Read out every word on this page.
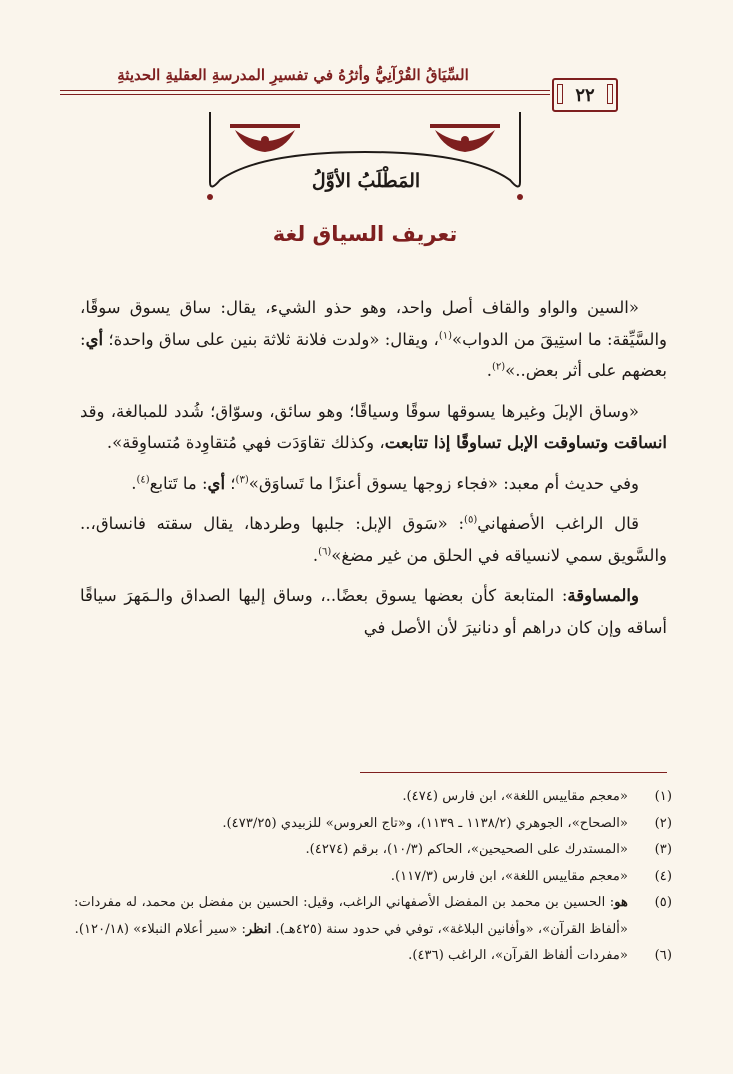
السِّيَاقُ القُرْآنِيُّ وأثرُهُ في تفسيرِ المدرسةِ العقليةِ الحديثةِ
٢٢
المَطْلَبُ الأوَّلُ
تعريف السياق لغة

«السين والواو والقاف أصل واحد، وهو حذو الشيء، يقال: ساق يسوق سوقًا، والسَّيِّقة: ما استِيقَ من الدواب»$^{(١)}$، ويقال: «ولدت فلانة ثلاثة بنين على ساق واحدة؛ أي: بعضهم على أثر بعض..»$^{(٢)}$.

«وساق الإبلَ وغيرها يسوقها سوقًا وسياقًا؛ وهو سائق، وسوّاق؛ شُدد للمبالغة، وقد انساقت وتساوقت الإبل تساوقًا إذا تتابعت، وكذلك تقاوَدَت فهي مُتقاوِدة مُتساوِقة».

وفي حديث أم معبد: «فجاء زوجها يسوق أعنزًا ما تَساوَق»$^{(٣)}$؛ أي: ما تَتابع$^{(٤)}$.

قال الراغب الأصفهاني$^{(٥)}$: «سَوق الإبل: جلبها وطردها، يقال سقته فانساق،.. والسَّويق سمي لانسياقه في الحلق من غير مضغ»$^{(٦)}$.

والمساوقة: المتابعة كأن بعضها يسوق بعضًا..، وساق إليها الصداق والـمَهرَ سياقًا أساقه وإن كان دراهم أو دنانيرَ لأن الأصل في

(١)
«معجم مقاييس اللغة»، ابن فارس (٤٧٤).
(٢)
«الصحاح»، الجوهري (١١٣٨/٢ ـ ١١٣٩)، و«تاج العروس» للزبيدي (٤٧٣/٢٥).
(٣)
«المستدرك على الصحيحين»، الحاكم (١٠/٣)، برقم (٤٢٧٤).
(٤)
«معجم مقاييس اللغة»، ابن فارس (١١٧/٣).
(٥)
هو: الحسين بن محمد بن المفضل الأصفهاني الراغب، وقيل: الحسين بن مفضل بن محمد، له مفردات: «ألفاظ القرآن»، «وأفانين البلاغة»، توفي في حدود سنة (٤٢٥هـ). انظر: «سير أعلام النبلاء» (١٢٠/١٨).
(٦)
«مفردات ألفاظ القرآن»، الراغب (٤٣٦).
